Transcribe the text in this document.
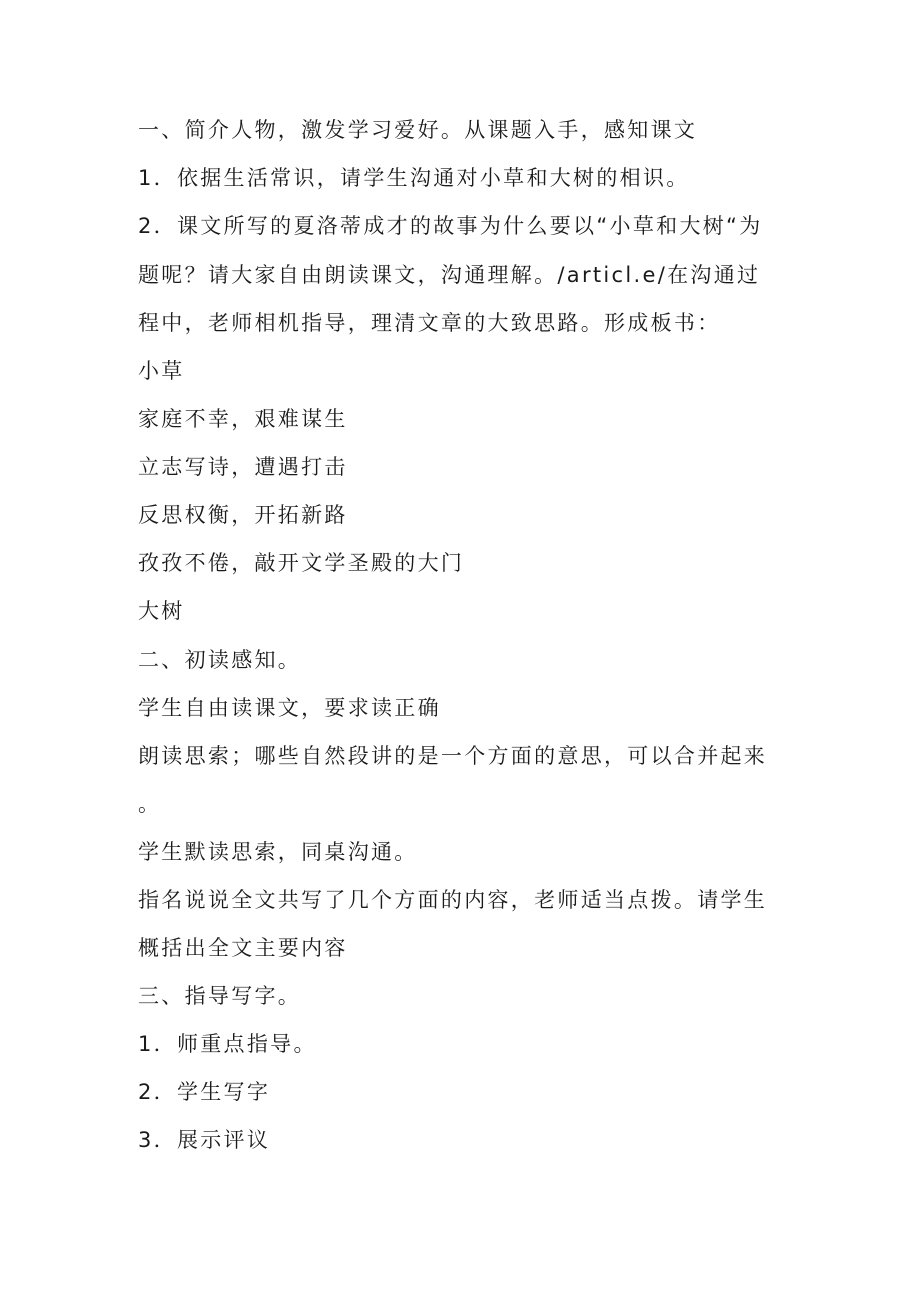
一、简介人物，激发学习爱好。从课题入手，感知课文
1．依据生活常识，请学生沟通对小草和大树的相识。
2．课文所写的夏洛蒂成才的故事为什么要以“小草和大树“为
题呢？请大家自由朗读课文，沟通理解。/articl.e/在沟通过
程中，老师相机指导，理清文章的大致思路。形成板书：
小草
家庭不幸，艰难谋生
立志写诗，遭遇打击
反思权衡，开拓新路
孜孜不倦，敲开文学圣殿的大门
大树
二、初读感知。
学生自由读课文，要求读正确
朗读思索；哪些自然段讲的是一个方面的意思，可以合并起来
。
学生默读思索，同桌沟通。
指名说说全文共写了几个方面的内容，老师适当点拨。请学生
概括出全文主要内容
三、指导写字。
1．师重点指导。
2．学生写字
3．展示评议
